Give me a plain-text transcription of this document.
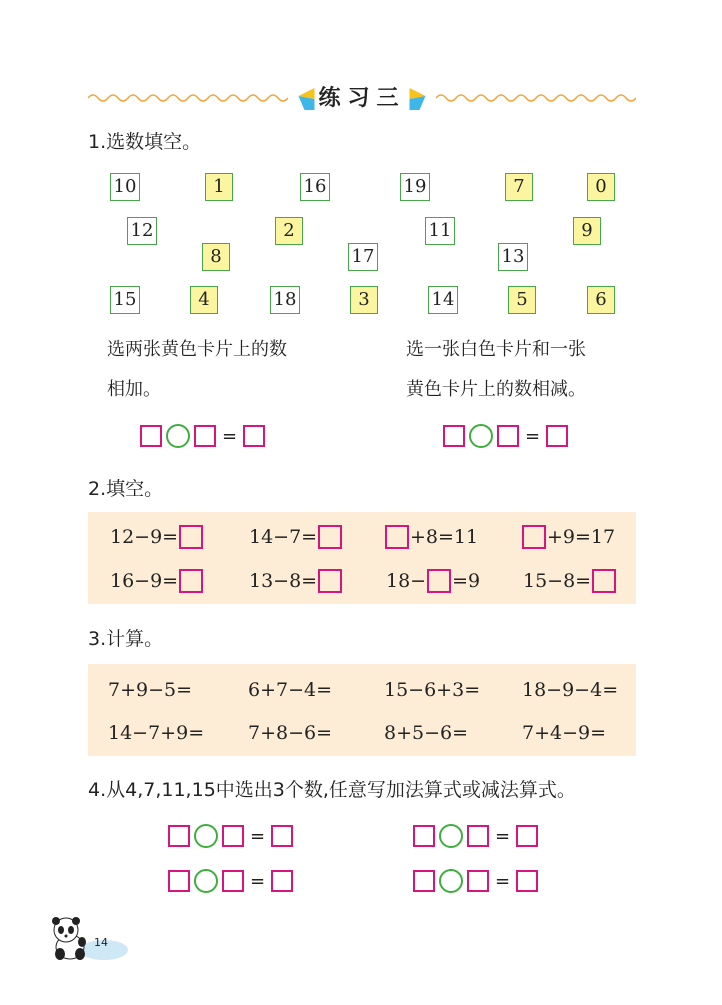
练习三
1.选数填空。
10	1	16	19	7	0
12	2	11	9
8	17	13
15	4	18	3	14	5	6
选两张黄色卡片上的数
相加。
选一张白色卡片和一张
黄色卡片上的数相减。
=	=
2.填空。
12−9=	14−7=	+8=11	+9=17
16−9=	13−8=	18− =9 15−8=
3.计算。
7+9−5=	6+7−4=	15−6+3= 18−9−4=
14−7+9= 7+8−6=	8+5−6=	7+4−9=
4.从4,7,11,15中选出3个数,任意写加法算式或减法算式。
=	=
=	=
14
